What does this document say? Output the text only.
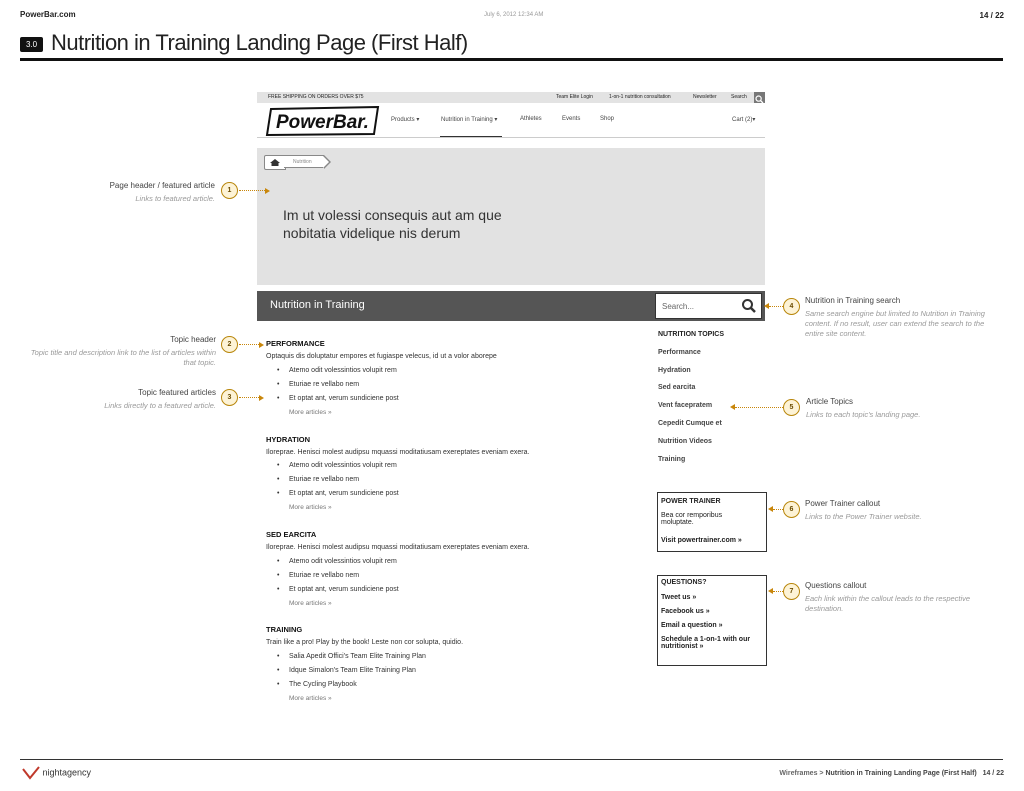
PowerBar.com	July 6, 2012 12:34 AM	14 / 22
3.0 Nutrition in Training Landing Page (First Half)
FREE SHIPPING ON ORDERS OVER $75	Team Elite Login	1-on-1 nutrition consultation	Newsletter	Search
PowerBar.	Products ▾	Nutrition in Training ▾	Athletes	Events	Shop	Cart (2)▾
Nutrition
Im ut volessi consequis aut am que nobitatia videlique nis derum
Nutrition in Training	Search...
PERFORMANCE
Optaquis dis doluptatur empores et fugiaspe velecus, id ut a volor aborepe
• Atemo odit volessintios volupit rem
• Eturiae re vellabo nem
• Et optat ant, verum sundiciene post
More articles »
HYDRATION
Iloreprae. Henisci molest audipsu mquassi moditatiusam exereptates eveniam exera.
• Atemo odit volessintios volupit rem
• Eturiae re vellabo nem
• Et optat ant, verum sundiciene post
More articles »
SED EARCITA
Iloreprae. Henisci molest audipsu mquassi moditatiusam exereptates eveniam exera.
• Atemo odit volessintios volupit rem
• Eturiae re vellabo nem
• Et optat ant, verum sundiciene post
More articles »
TRAINING
Train like a pro! Play by the book! Leste non cor solupta, quidio.
• Salia Apedit Offici's Team Elite Training Plan
• Idque Simalon's Team Elite Training Plan
• The Cycling Playbook
More articles »
NUTRITION TOPICS
Performance
Hydration
Sed earcita
Vent facepratem
Cepedit Cumque et
Nutrition Videos
Training
POWER TRAINER
Bea cor remporibus moluptate.
Visit powertrainer.com »
QUESTIONS?
Tweet us »
Facebook us »
Email a question »
Schedule a 1-on-1 with our nutritionist »
Page header / featured article
Links to featured article.
1
Topic header
Topic title and description link to the list of articles within that topic.
2
Topic featured articles
Links directly to a featured article.
3
4
Nutrition in Training search
Same search engine but limited to Nutrition in Training content. If no result, user can extend the search to the entire site content.
5
Article Topics
Links to each topic's landing page.
6
Power Trainer callout
Links to the Power Trainer website.
7
Questions callout
Each link within the callout leads to the respective destination.
nightagency	Wireframes > Nutrition in Training Landing Page (First Half) 14 / 22
